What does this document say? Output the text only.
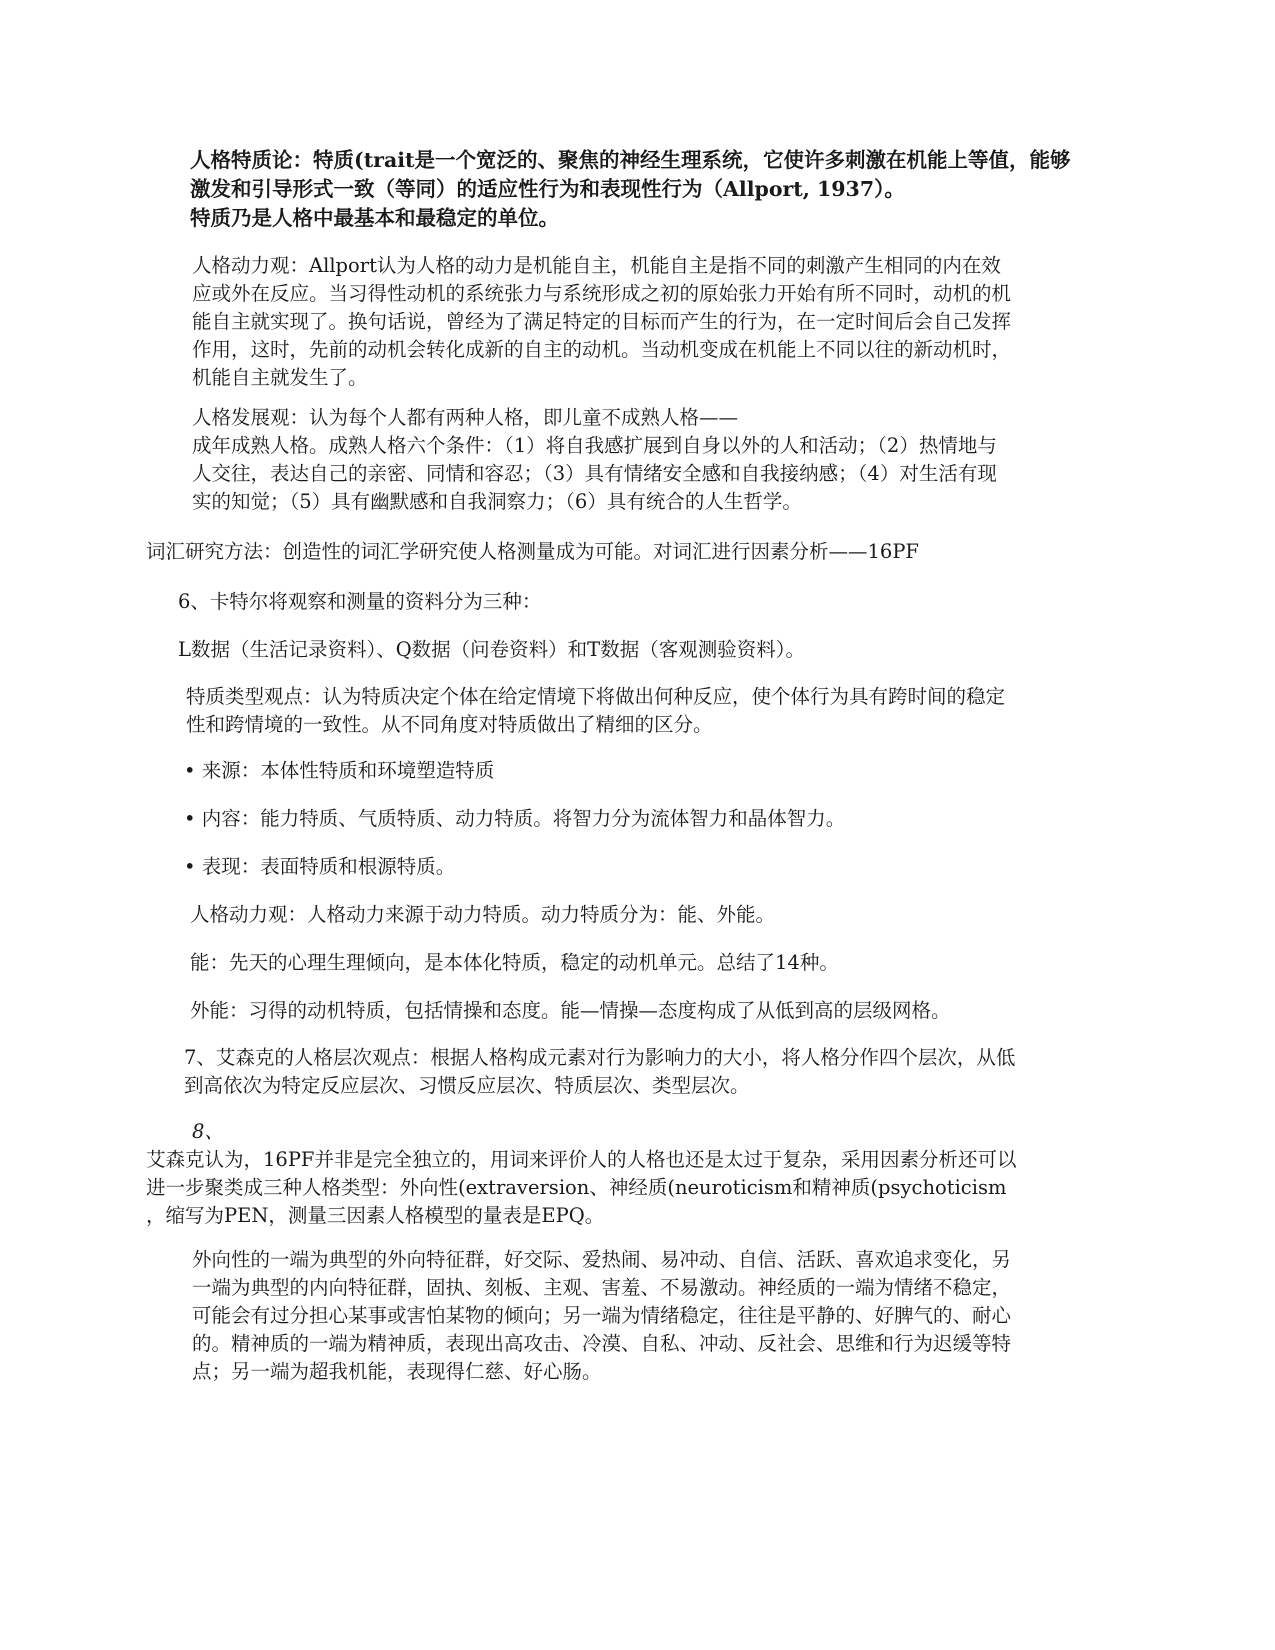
人格特质论：特质(trait是一个宽泛的、聚焦的神经生理系统，它使许多刺激在机能上等值，能够
激发和引导形式一致（等同）的适应性行为和表现性行为（Allport, 1937）。
特质乃是人格中最基本和最稳定的单位。
人格动力观：Allport认为人格的动力是机能自主，机能自主是指不同的刺激产生相同的内在效
应或外在反应。当习得性动机的系统张力与系统形成之初的原始张力开始有所不同时，动机的机
能自主就实现了。换句话说，曾经为了满足特定的目标而产生的行为，在一定时间后会自己发挥
作用，这时，先前的动机会转化成新的自主的动机。当动机变成在机能上不同以往的新动机时，
机能自主就发生了。
人格发展观：认为每个人都有两种人格，即儿童不成熟人格——
成年成熟人格。成熟人格六个条件：（1）将自我感扩展到自身以外的人和活动；（2）热情地与
人交往，表达自己的亲密、同情和容忍；（3）具有情绪安全感和自我接纳感；（4）对生活有现
实的知觉；（5）具有幽默感和自我洞察力；（6）具有统合的人生哲学。
词汇研究方法：创造性的词汇学研究使人格测量成为可能。对词汇进行因素分析——16PF
6、卡特尔将观察和测量的资料分为三种：
L数据（生活记录资料）、Q数据（问卷资料）和T数据（客观测验资料）。
特质类型观点：认为特质决定个体在给定情境下将做出何种反应，使个体行为具有跨时间的稳定
性和跨情境的一致性。从不同角度对特质做出了精细的区分。
• 来源：本体性特质和环境塑造特质
• 内容：能力特质、气质特质、动力特质。将智力分为流体智力和晶体智力。
• 表现：表面特质和根源特质。
人格动力观：人格动力来源于动力特质。动力特质分为：能、外能。
能：先天的心理生理倾向，是本体化特质，稳定的动机单元。总结了14种。
外能：习得的动机特质，包括情操和态度。能—情操—态度构成了从低到高的层级网格。
7、艾森克的人格层次观点：根据人格构成元素对行为影响力的大小，将人格分作四个层次，从低
到高依次为特定反应层次、习惯反应层次、特质层次、类型层次。
8、
艾森克认为，16PF并非是完全独立的，用词来评价人的人格也还是太过于复杂，采用因素分析还可以
进一步聚类成三种人格类型：外向性(extraversion、神经质(neuroticism和精神质(psychoticism
，缩写为PEN，测量三因素人格模型的量表是EPQ。
外向性的一端为典型的外向特征群，好交际、爱热闹、易冲动、自信、活跃、喜欢追求变化，另
一端为典型的内向特征群，固执、刻板、主观、害羞、不易激动。神经质的一端为情绪不稳定，
可能会有过分担心某事或害怕某物的倾向；另一端为情绪稳定，往往是平静的、好脾气的、耐心
的。精神质的一端为精神质，表现出高攻击、冷漠、自私、冲动、反社会、思维和行为迟缓等特
点；另一端为超我机能，表现得仁慈、好心肠。
